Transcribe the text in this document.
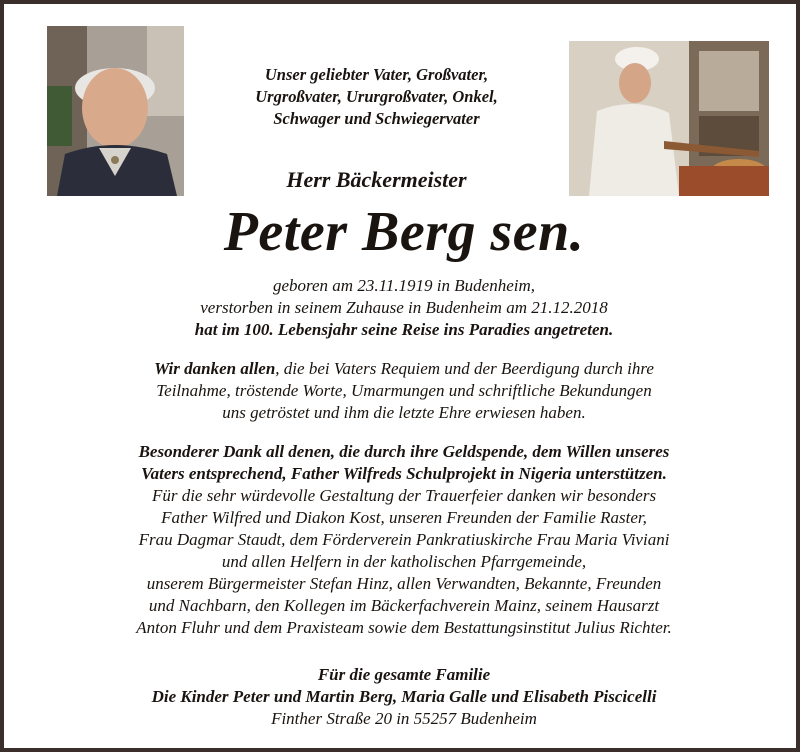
Unser geliebter Vater, Großvater,
Urgroßvater, Ururgroßvater, Onkel,
Schwager und Schwiegervater
Herr Bäckermeister
Peter Berg sen.
geboren am 23.11.1919 in Budenheim,
verstorben in seinem Zuhause in Budenheim am 21.12.2018
hat im 100. Lebensjahr seine Reise ins Paradies angetreten.
Wir danken allen, die bei Vaters Requiem und der Beerdigung durch ihre
Teilnahme, tröstende Worte, Umarmungen und schriftliche Bekundungen
uns getröstet und ihm die letzte Ehre erwiesen haben.
Besonderer Dank all denen, die durch ihre Geldspende, dem Willen unseres
Vaters entsprechend, Father Wilfreds Schulprojekt in Nigeria unterstützen.
Für die sehr würdevolle Gestaltung der Trauerfeier danken wir besonders
Father Wilfred und Diakon Kost, unseren Freunden der Familie Raster,
Frau Dagmar Staudt, dem Förderverein Pankratiuskirche Frau Maria Viviani
und allen Helfern in der katholischen Pfarrgemeinde,
unserem Bürgermeister Stefan Hinz, allen Verwandten, Bekannte, Freunden
und Nachbarn, den Kollegen im Bäckerfachverein Mainz, seinem Hausarzt
Anton Fluhr und dem Praxisteam sowie dem Bestattungsinstitut Julius Richter.
Für die gesamte Familie
Die Kinder Peter und Martin Berg, Maria Galle und Elisabeth Piscicelli
Finther Straße 20 in 55257 Budenheim
